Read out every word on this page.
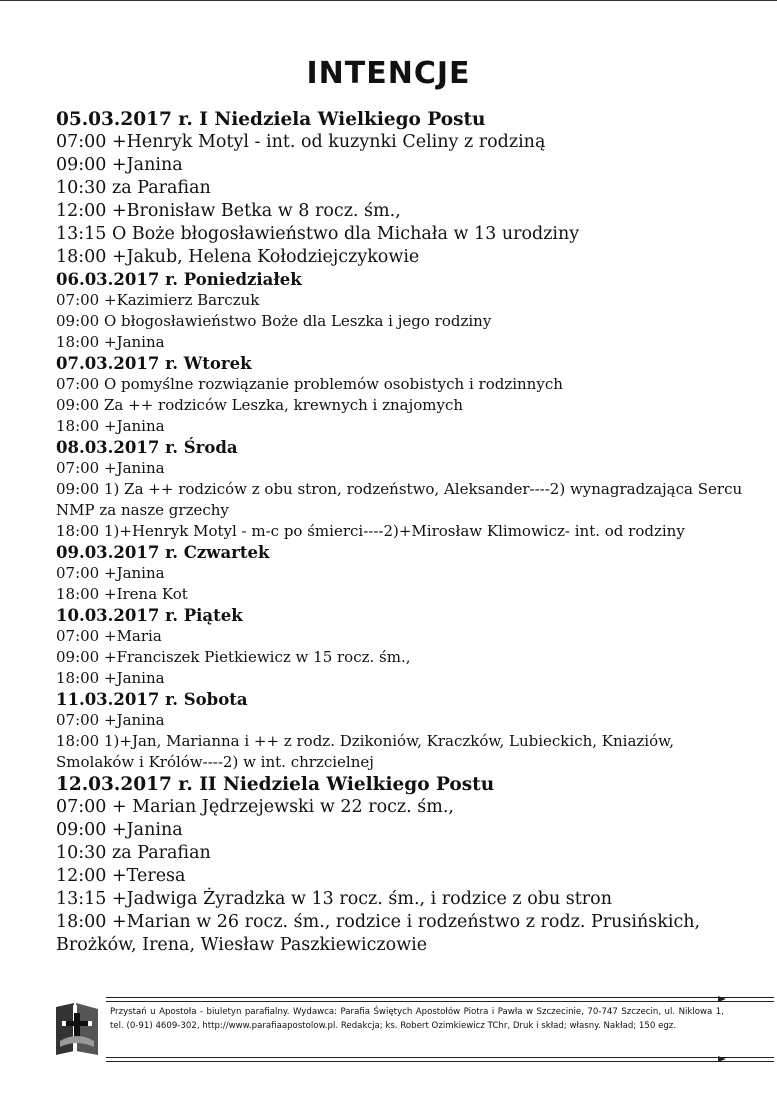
INTENCJE
05.03.2017 r. I Niedziela Wielkiego Postu
07:00 +Henryk Motyl - int. od kuzynki Celiny z rodziną
09:00 +Janina
10:30 za Parafian
12:00 +Bronisław Betka w 8 rocz. śm.,
13:15 O Boże błogosławieństwo dla Michała w 13 urodziny
18:00 +Jakub, Helena Kołodziejczykowie
06.03.2017 r. Poniedziałek
07:00 +Kazimierz Barczuk
09:00 O błogosławieństwo Boże dla Leszka i jego rodziny
18:00 +Janina
07.03.2017 r. Wtorek
07:00 O pomyślne rozwiązanie problemów osobistych i rodzinnych
09:00 Za ++ rodziców Leszka, krewnych i znajomych
18:00 +Janina
08.03.2017 r. Środa
07:00 +Janina
09:00 1) Za ++ rodziców z obu stron, rodzeństwo, Aleksander----2) wynagradzająca Sercu NMP za nasze grzechy
18:00 1)+Henryk Motyl - m-c po śmierci----2)+Mirosław Klimowicz- int. od rodziny
09.03.2017 r. Czwartek
07:00 +Janina
18:00 +Irena Kot
10.03.2017 r. Piątek
07:00 +Maria
09:00 +Franciszek Pietkiewicz w 15 rocz. śm.,
18:00 +Janina
11.03.2017 r. Sobota
07:00 +Janina
18:00 1)+Jan, Marianna i ++ z rodz. Dzikoniów, Kraczków, Lubieckich, Kniaziów, Smolaków i Królów----2) w int. chrzcielnej
12.03.2017 r. II Niedziela Wielkiego Postu
07:00 + Marian Jędrzejewski w 22 rocz. śm.,
09:00 +Janina
10:30 za Parafian
12:00 +Teresa
13:15 +Jadwiga Żyradzka w 13 rocz. śm., i rodzice z obu stron
18:00 +Marian w 26 rocz. śm., rodzice i rodzeństwo z rodz. Prusińskich, Brożków, Irena, Wiesław Paszkiewiczowie
Przystań u Apostoła - biuletyn parafialny. Wydawca: Parafia Świętych Apostołów Piotra i Pawła w Szczecinie, 70-747 Szczecin, ul. Niklowa 1, tel. (0-91) 4609-302, http://www.parafiaapostolow.pl. Redakcja; ks. Robert Ozimkiewicz TChr, Druk i skład; własny. Nakład; 150 egz.
